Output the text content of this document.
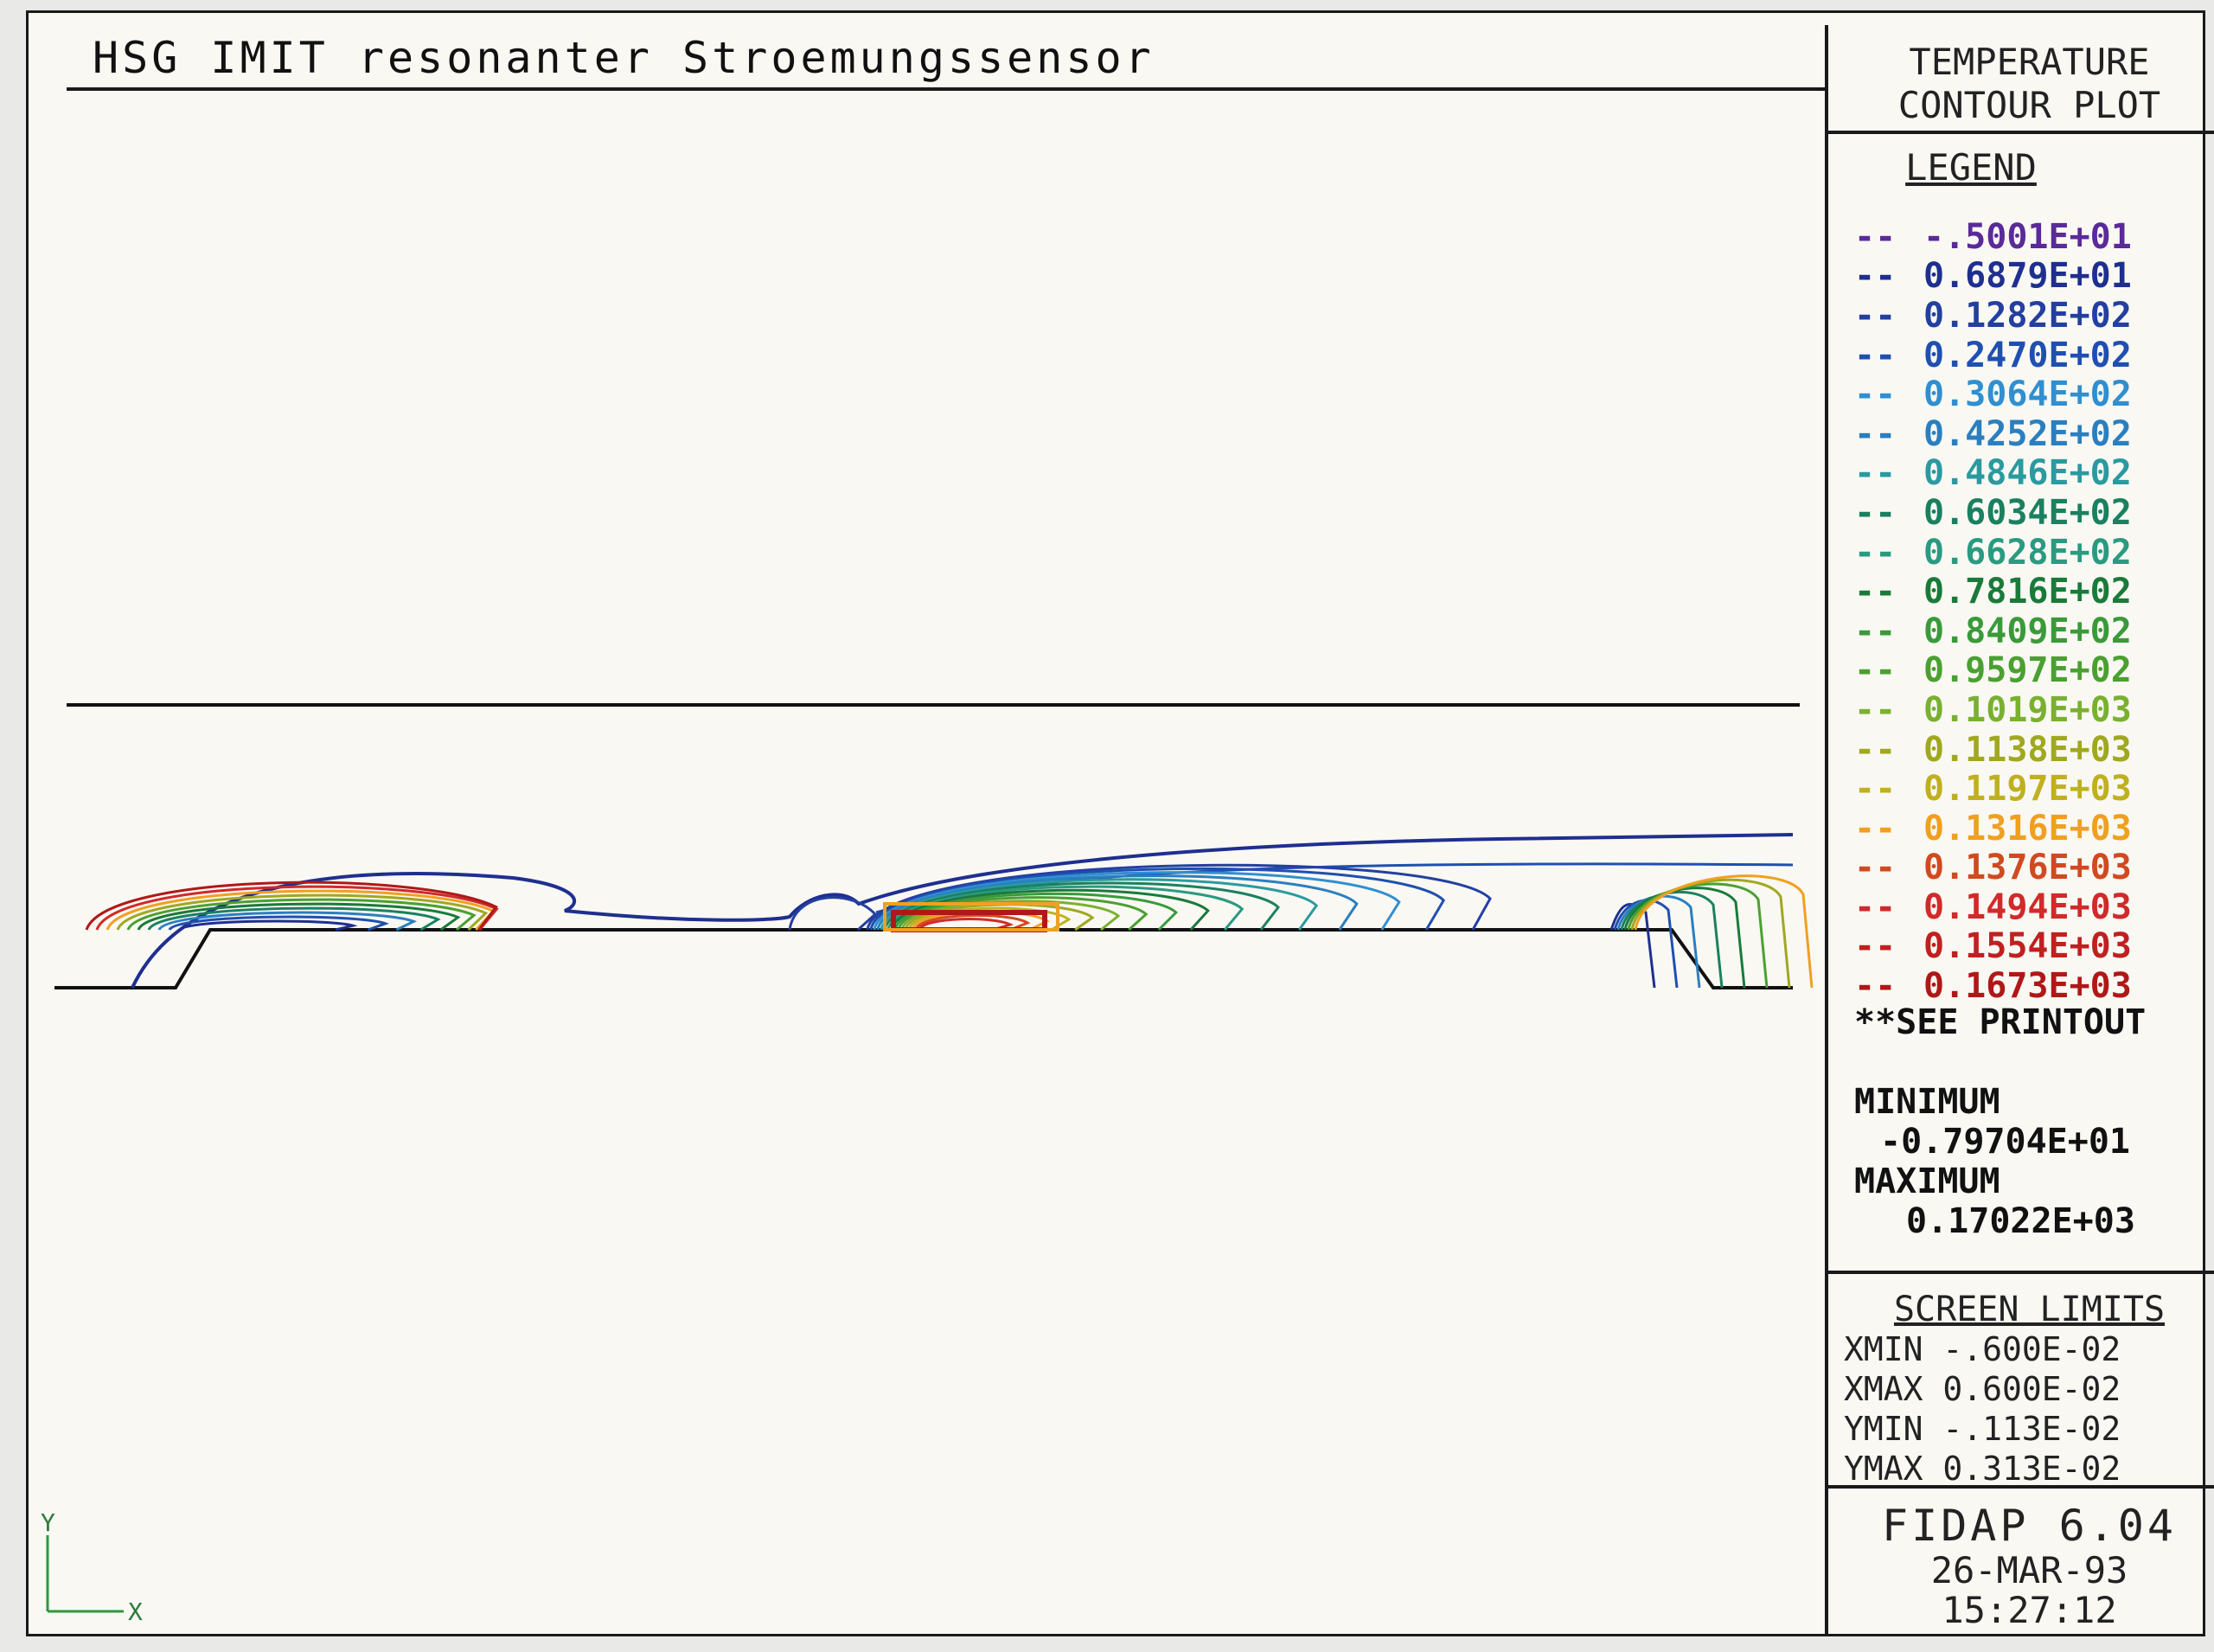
HSG IMIT resonanter Stroemungssensor
Y
X
TEMPERATURE
CONTOUR PLOT
LEGEND
-- -.5001E+01
-- 0.6879E+01
-- 0.1282E+02
-- 0.2470E+02
-- 0.3064E+02
-- 0.4252E+02
-- 0.4846E+02
-- 0.6034E+02
-- 0.6628E+02
-- 0.7816E+02
-- 0.8409E+02
-- 0.9597E+02
-- 0.1019E+03
-- 0.1138E+03
-- 0.1197E+03
-- 0.1316E+03
-- 0.1376E+03
-- 0.1494E+03
-- 0.1554E+03
-- 0.1673E+03
**SEE PRINTOUT
MINIMUM
-0.79704E+01
MAXIMUM
0.17022E+03
SCREEN LIMITS
XMIN -.600E-02
XMAX 0.600E-02
YMIN -.113E-02
YMAX 0.313E-02
FIDAP 6.04
26-MAR-93
15:27:12
